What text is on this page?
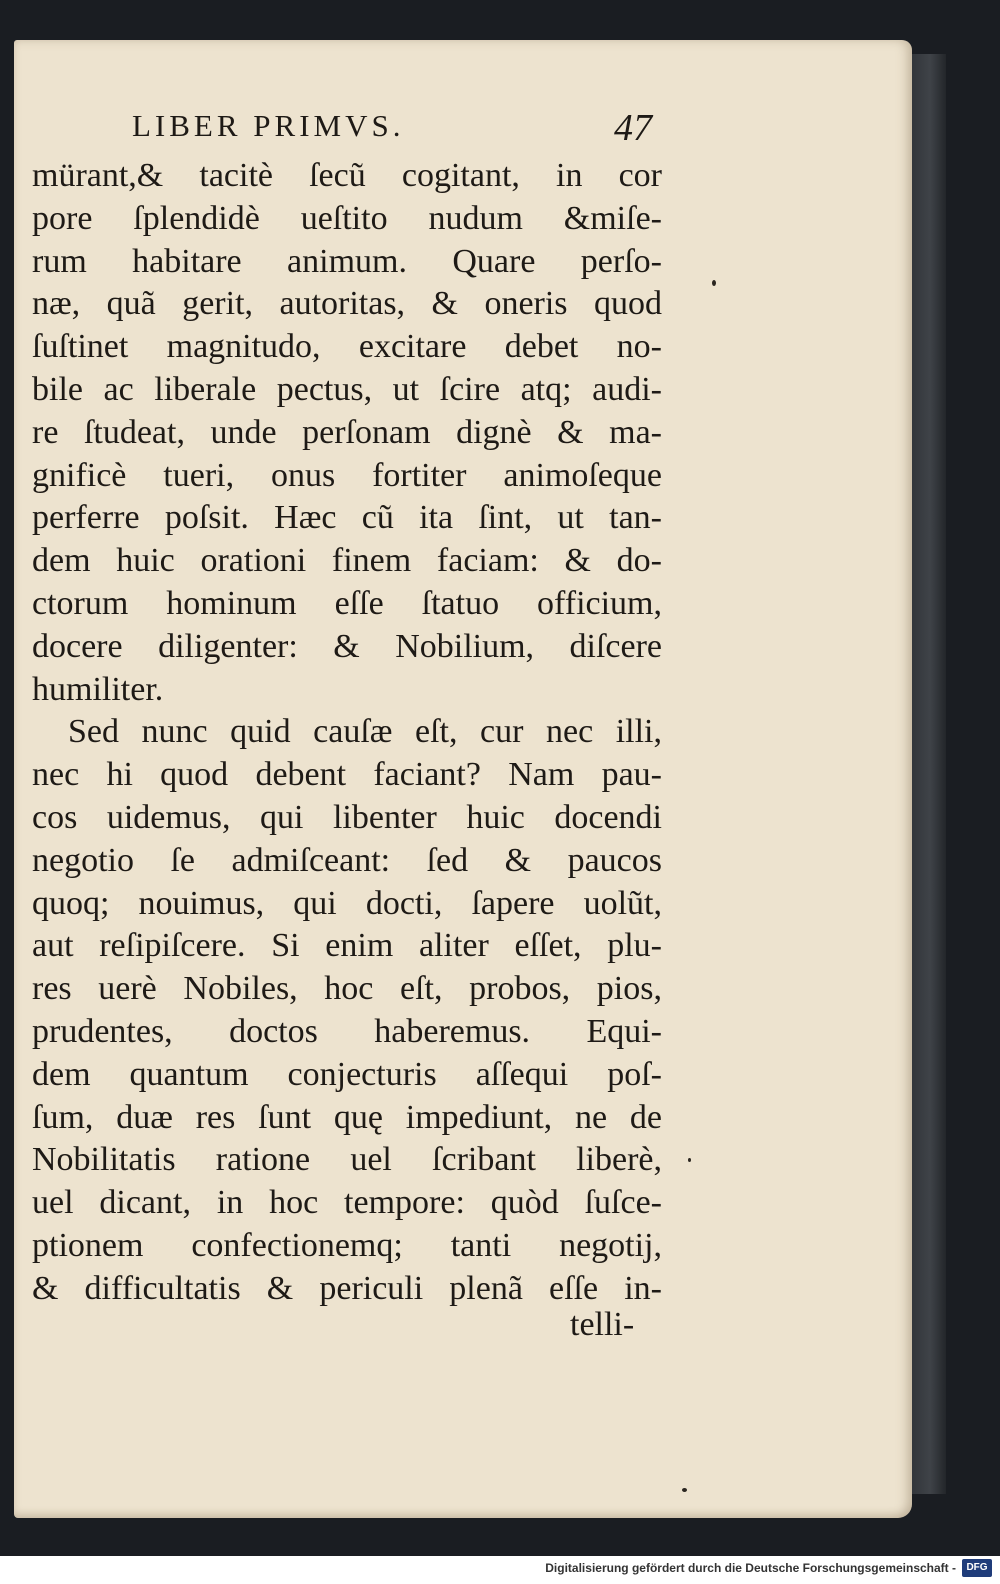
LIBER PRIMVS.	47
mürant,& tacitè ſecũ cogitant, in cor
pore ſplendidè ueſtito nudum &miſe-
rum habitare animum. Quare perſo-
næ, quã gerit, autoritas, & oneris quod
ſuſtinet magnitudo, excitare debet no-
bile ac liberale pectus, ut ſcire atq; audi-
re ſtudeat, unde perſonam dignè & ma-
gnificè tueri, onus fortiter animoſeque
perferre poſsit. Hæc cũ ita ſint, ut tan-
dem huic orationi finem faciam: & do-
ctorum hominum eſſe ſtatuo officium,
docere diligenter: & Nobilium, diſcere
humiliter.
Sed nunc quid cauſæ eſt, cur nec illi,
nec hi quod debent faciant? Nam pau-
cos uidemus, qui libenter huic docendi
negotio ſe admiſceant: ſed & paucos
quoq; nouimus, qui docti, ſapere uolũt,
aut reſipiſcere. Si enim aliter eſſet, plu-
res uerè Nobiles, hoc eſt, probos, pios,
prudentes, doctos haberemus. Equi-
dem quantum conjecturis aſſequi poſ-
ſum, duæ res ſunt quę impediunt, ne de
Nobilitatis ratione uel ſcribant liberè,
uel dicant, in hoc tempore: quòd ſuſce-
ptionem confectionemq; tanti negotij,
& difficultatis & periculi plenã eſſe in-
telli-
Digitalisierung gefördert durch die Deutsche Forschungsgemeinschaft -	DFG
